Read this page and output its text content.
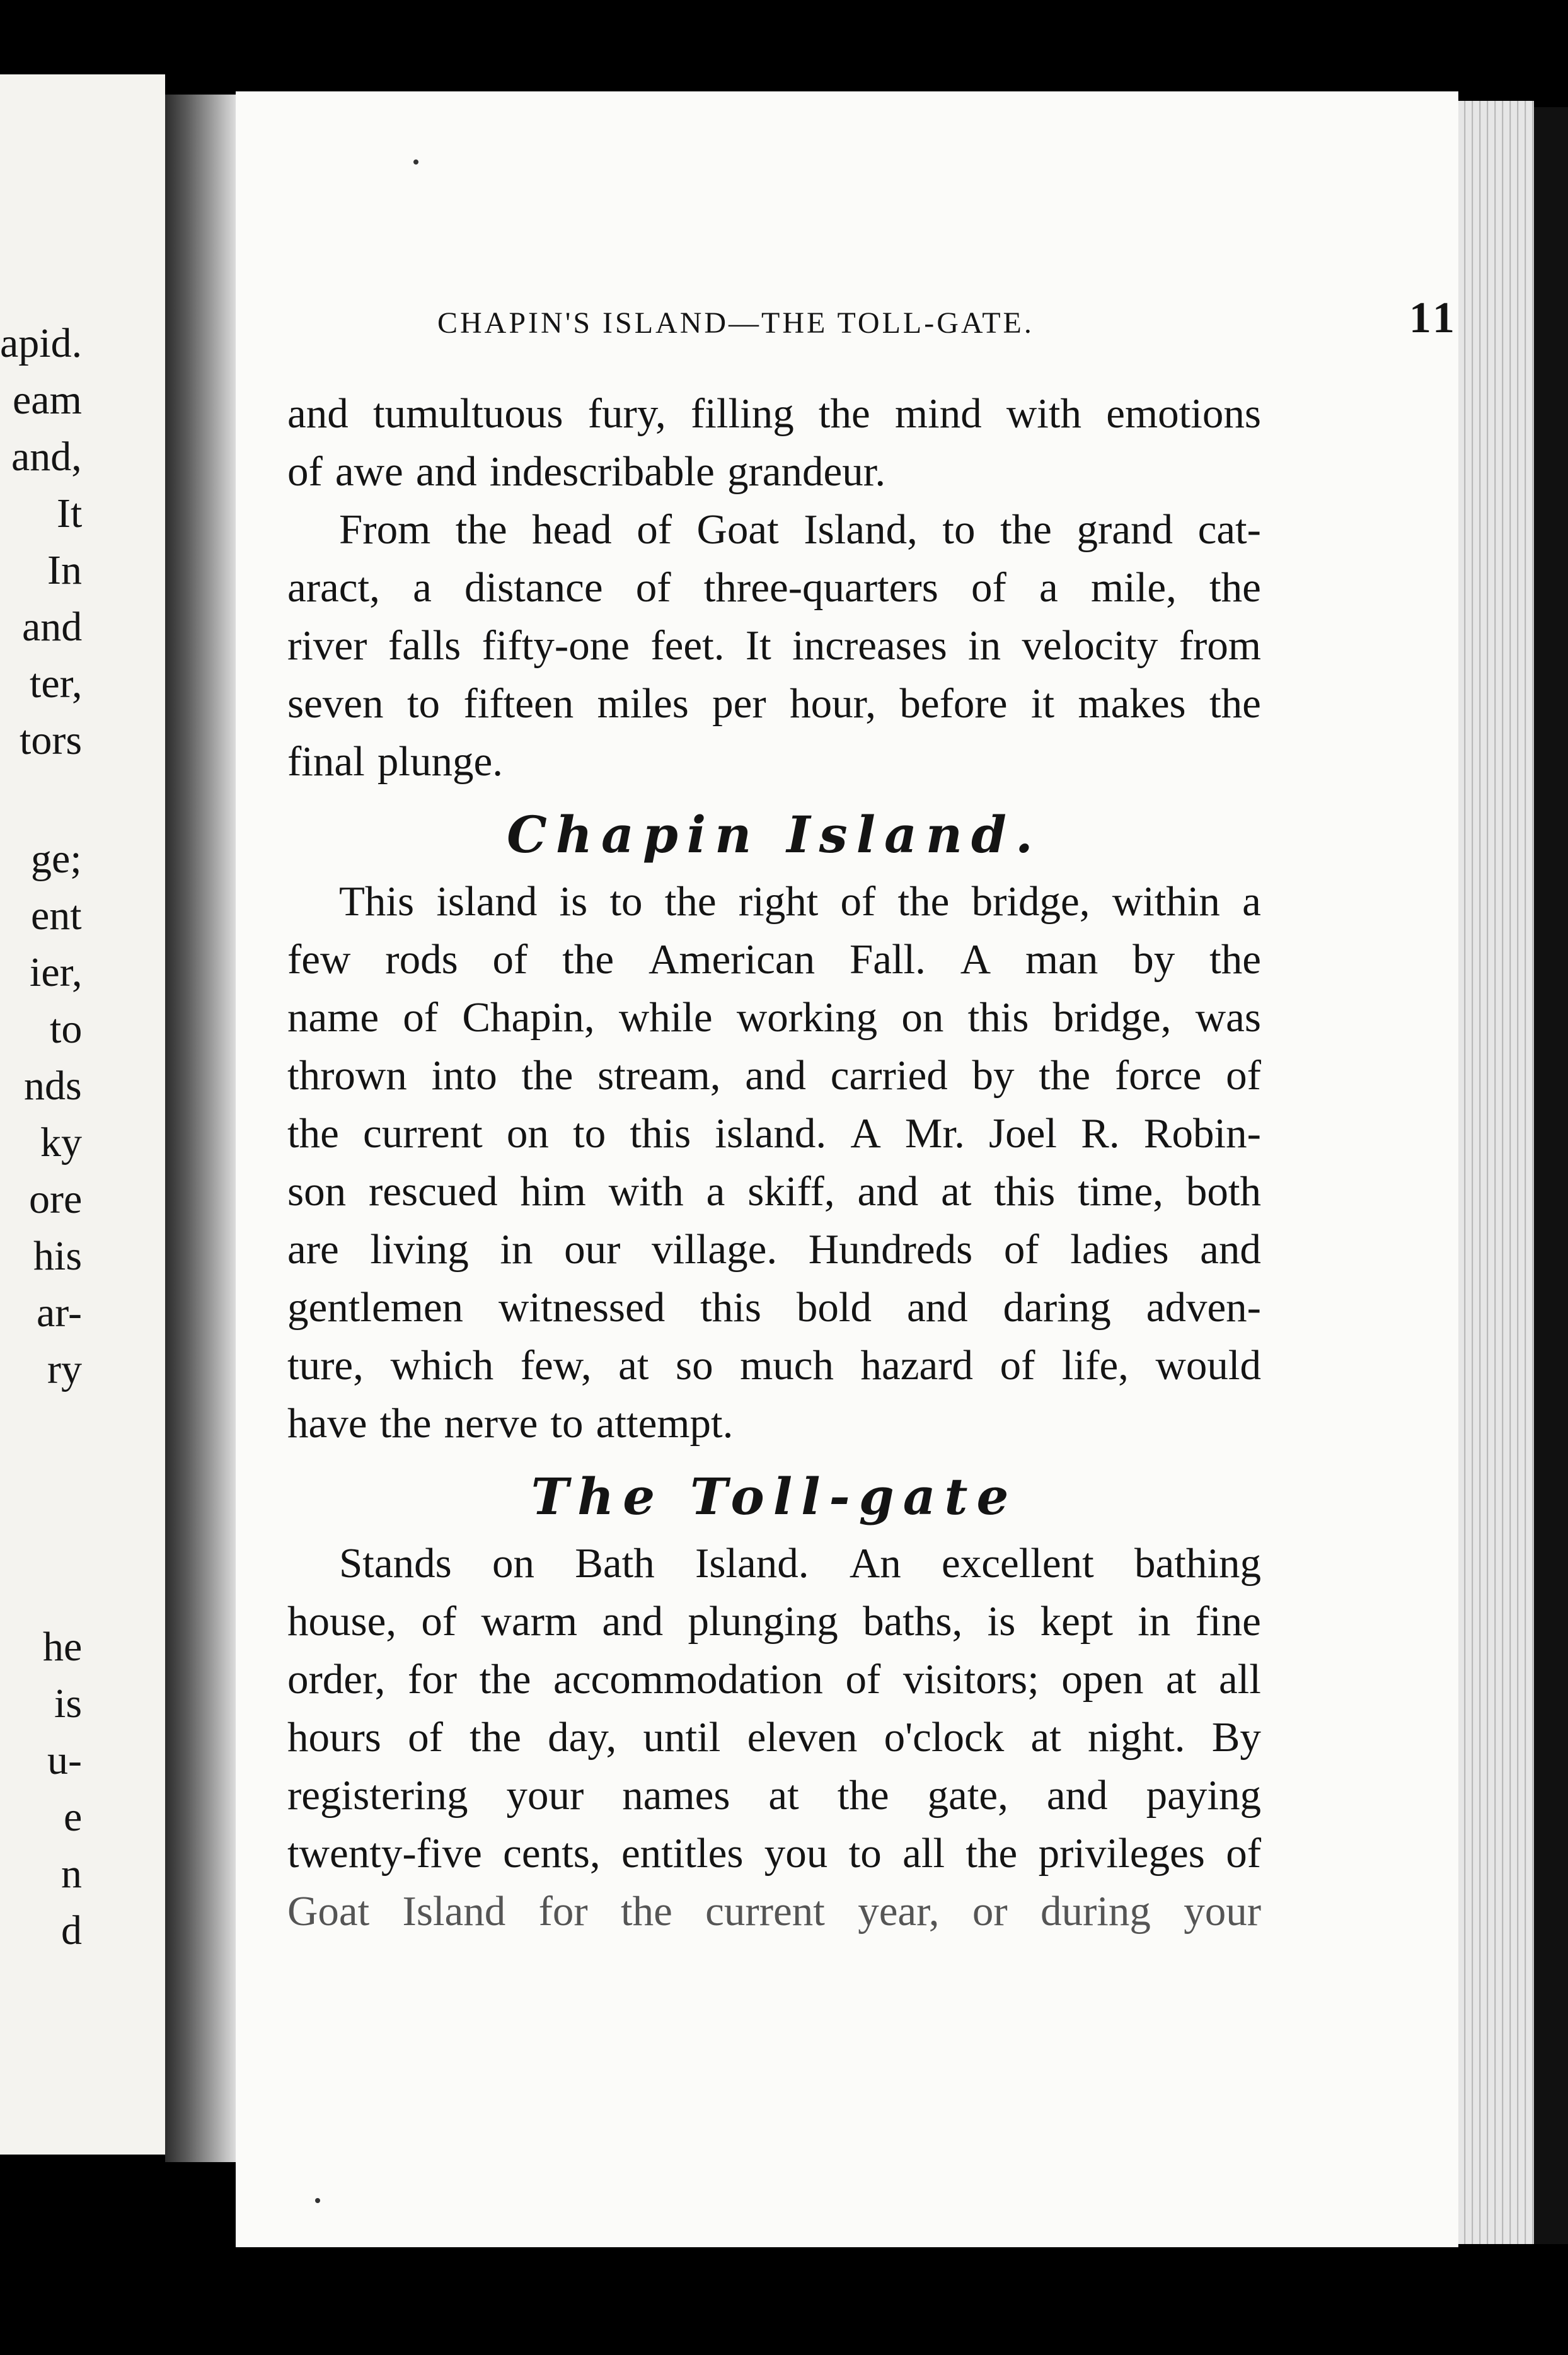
apid.
eam
and,
It
In
and
ter,
tors
ge;
ent
ier,
to
nds
ky
ore
his
ar-
ry
he
is
u-
e
n
d
CHAPIN'S ISLAND—THE TOLL-GATE.	11
and tumultuous fury, filling the mind with emotions
of awe and indescribable grandeur.
From the head of Goat Island, to the grand cat-
aract, a distance of three-quarters of a mile, the
river falls fifty-one feet. It increases in velocity from
seven to fifteen miles per hour, before it makes the
final plunge.
Chapin Island.
This island is to the right of the bridge, within a
few rods of the American Fall. A man by the
name of Chapin, while working on this bridge, was
thrown into the stream, and carried by the force of
the current on to this island. A Mr. Joel R. Robin-
son rescued him with a skiff, and at this time, both
are living in our village. Hundreds of ladies and
gentlemen witnessed this bold and daring adven-
ture, which few, at so much hazard of life, would
have the nerve to attempt.
The Toll-gate
Stands on Bath Island. An excellent bathing
house, of warm and plunging baths, is kept in fine
order, for the accommodation of visitors; open at all
hours of the day, until eleven o'clock at night. By
registering your names at the gate, and paying
twenty-five cents, entitles you to all the privileges of
Goat Island for the current year, or during your
